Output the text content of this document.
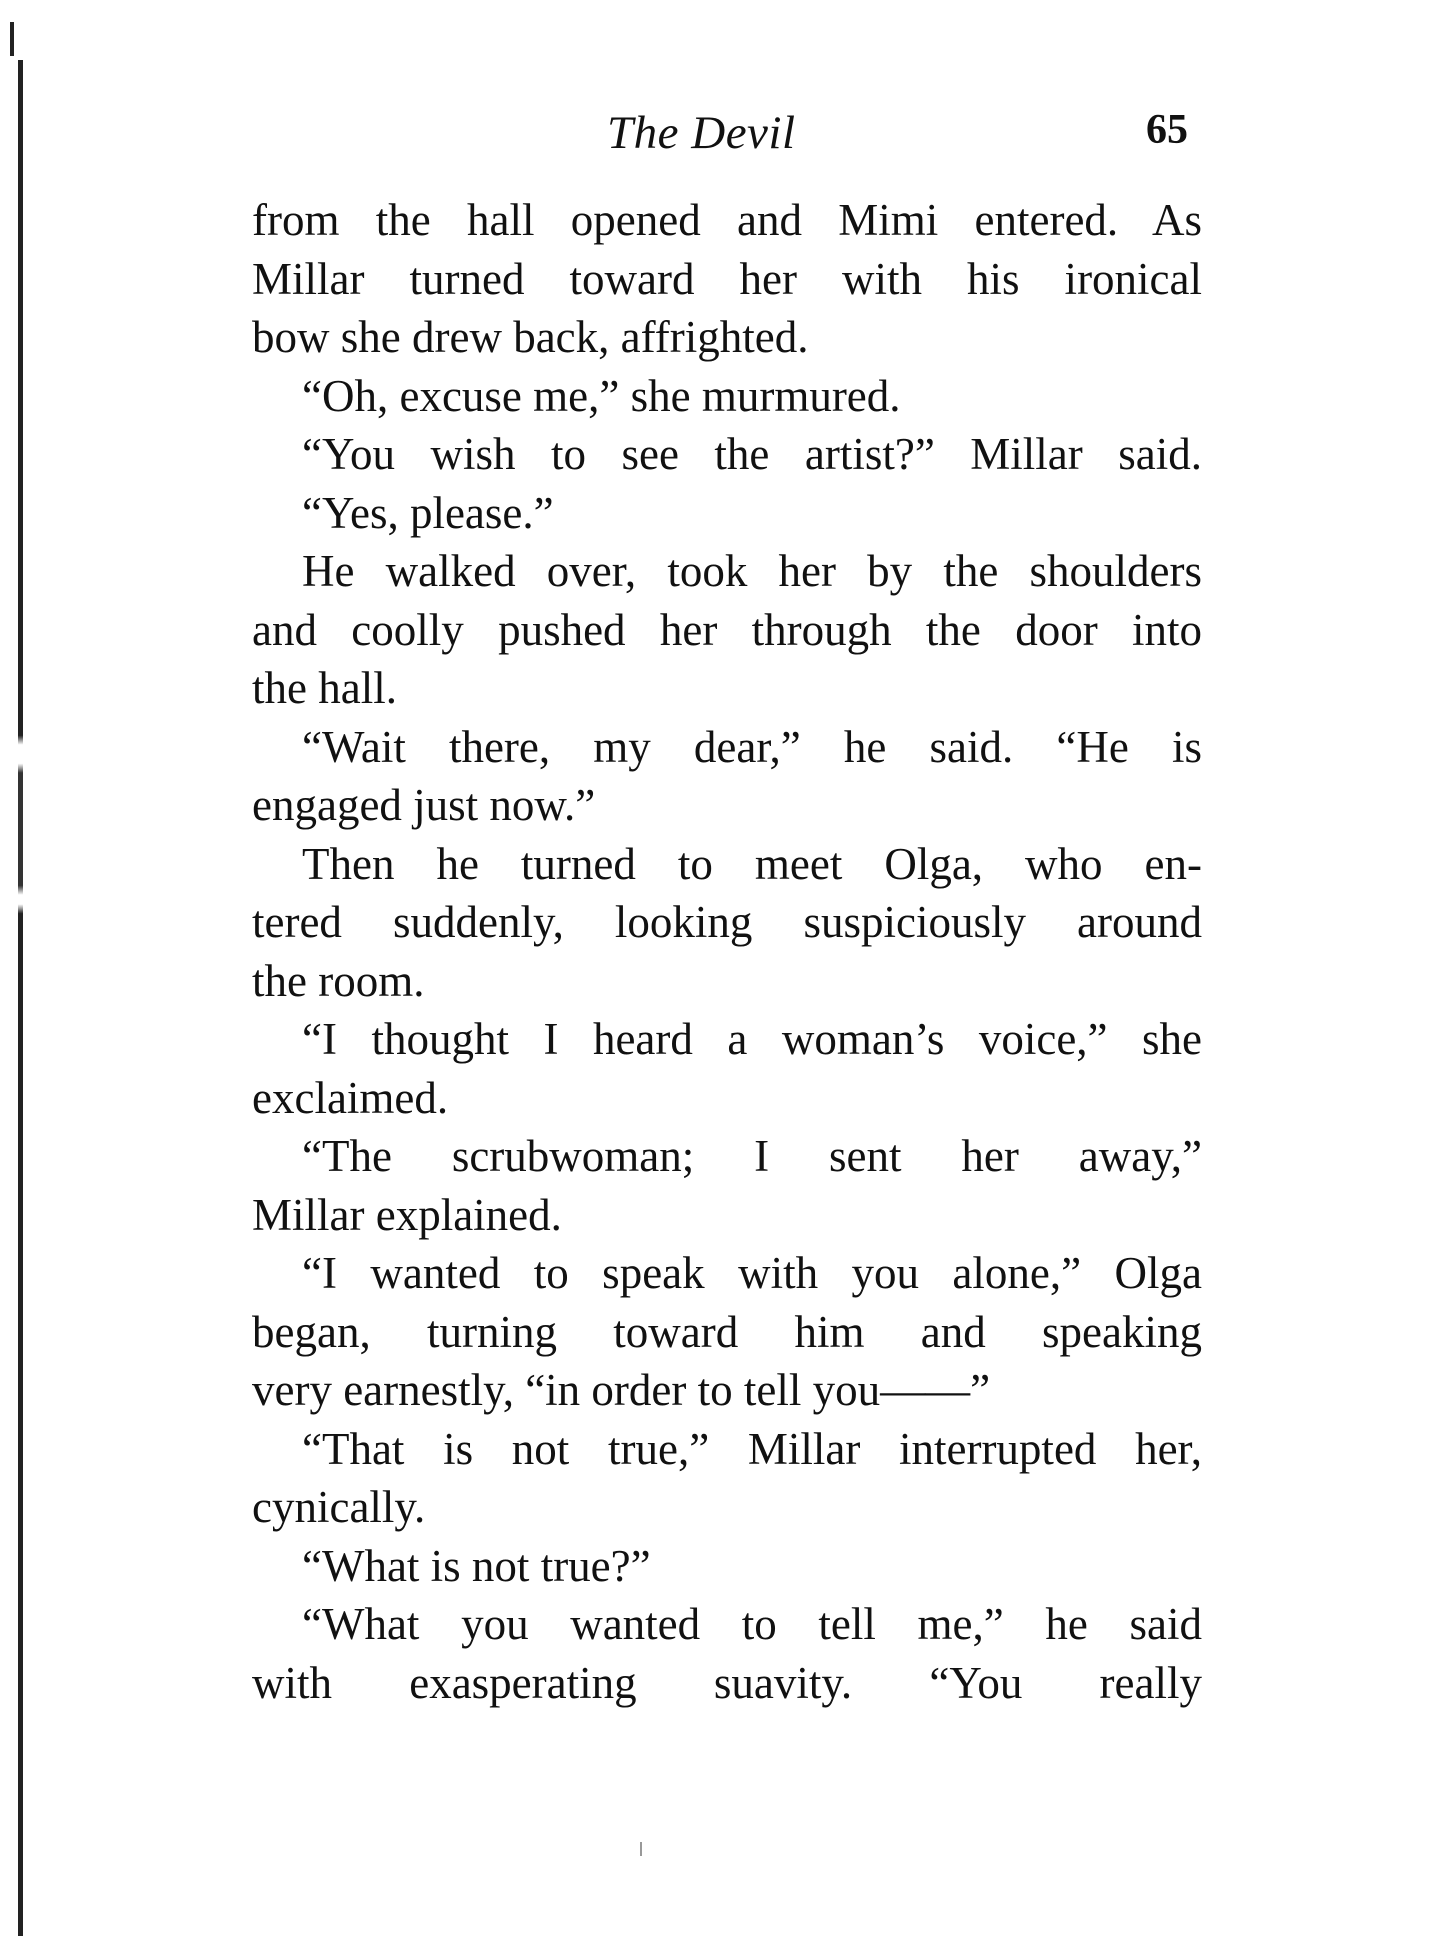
The Devil	65
from the hall opened and Mimi entered. As
Millar turned toward her with his ironical
bow she drew back, affrighted.
“Oh, excuse me,” she murmured.
“You wish to see the artist?” Millar said.
“Yes, please.”
He walked over, took her by the shoulders
and coolly pushed her through the door into
the hall.
“Wait there, my dear,” he said. “He is
engaged just now.”
Then he turned to meet Olga, who en-
tered suddenly, looking suspiciously around
the room.
“I thought I heard a woman’s voice,” she
exclaimed.
“The scrubwoman; I sent her away,”
Millar explained.
“I wanted to speak with you alone,” Olga
began, turning toward him and speaking
very earnestly, “in order to tell you——”
“That is not true,” Millar interrupted her,
cynically.
“What is not true?”
“What you wanted to tell me,” he said
with exasperating suavity. “You really
